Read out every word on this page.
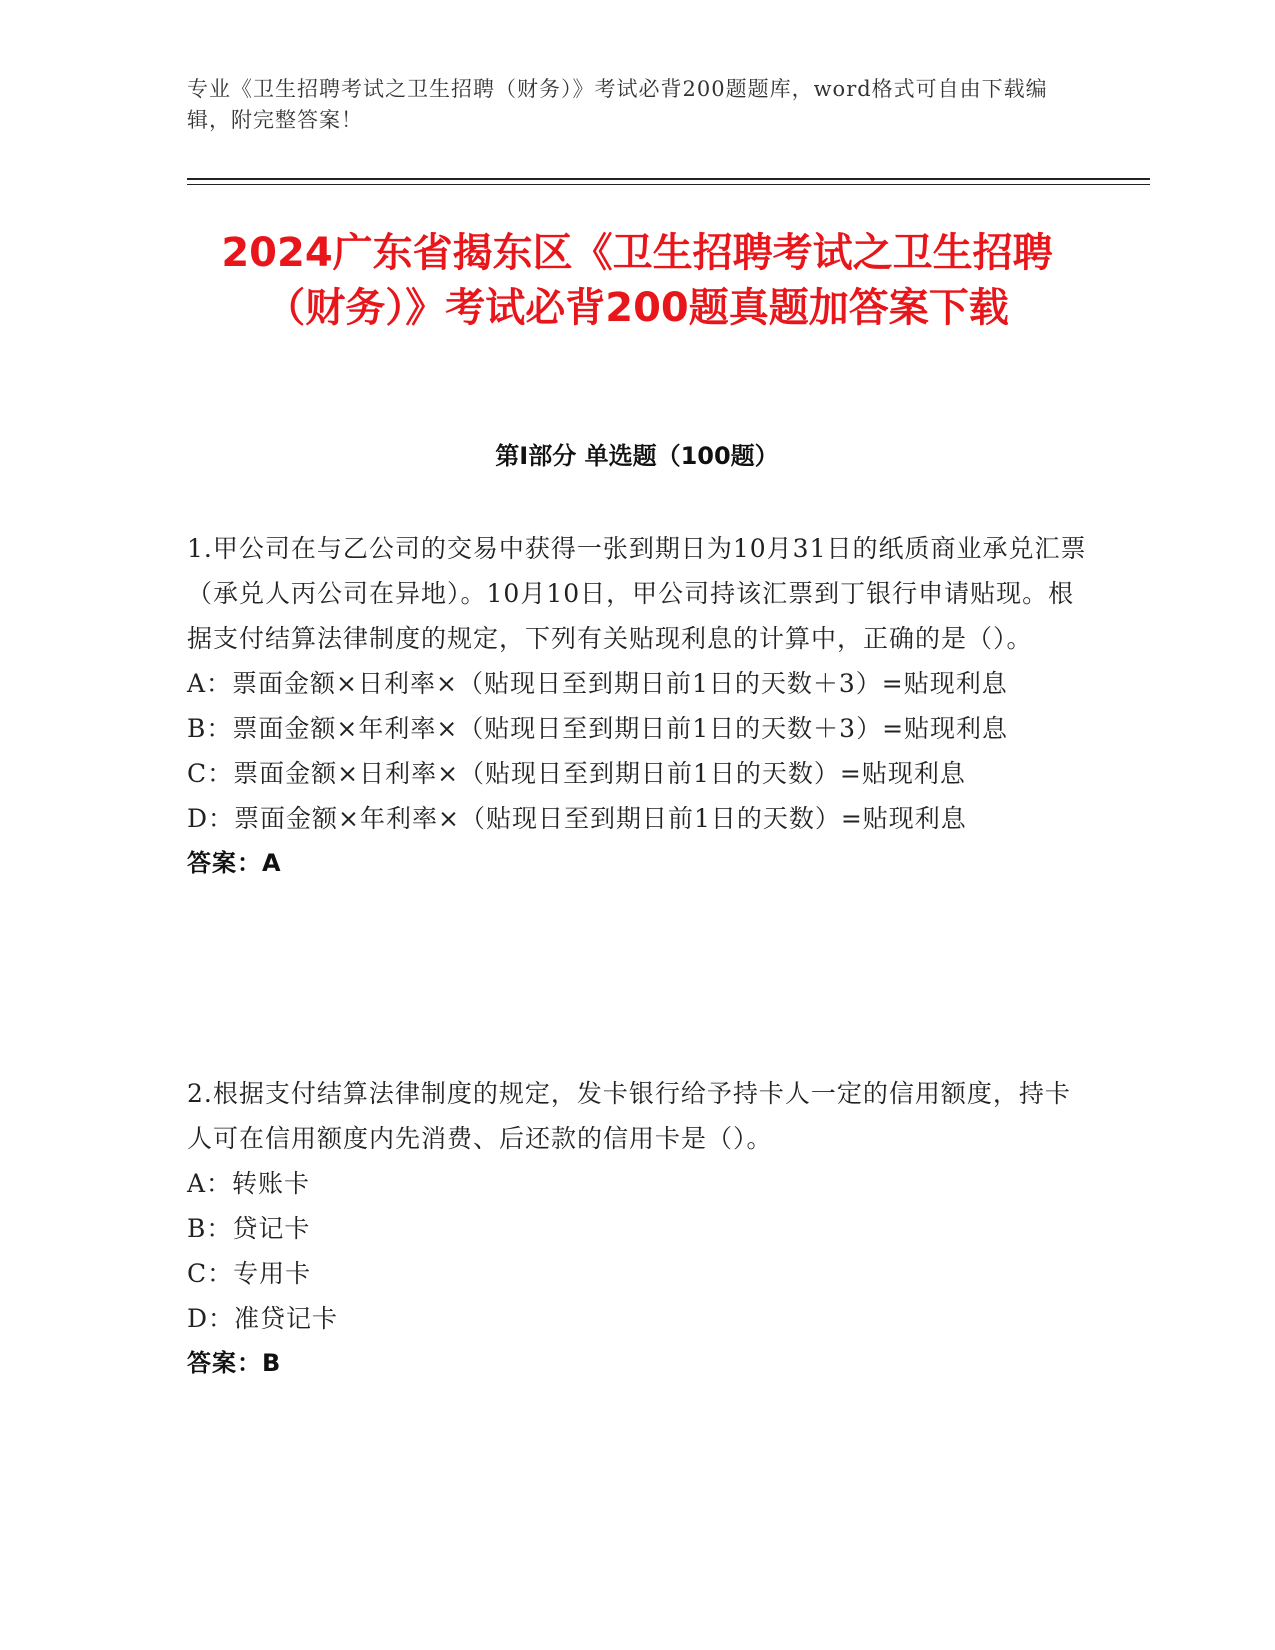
专业《卫生招聘考试之卫生招聘（财务）》考试必背200题题库，word格式可自由下载编辑，附完整答案！
2024广东省揭东区《卫生招聘考试之卫生招聘（财务）》考试必背200题真题加答案下载
第Ⅰ部分 单选题（100题）

1.甲公司在与乙公司的交易中获得一张到期日为10月31日的纸质商业承兑汇票（承兑人丙公司在异地）。10月10日，甲公司持该汇票到丁银行申请贴现。根据支付结算法律制度的规定，下列有关贴现利息的计算中，正确的是（）。

A：票面金额×日利率×（贴现日至到期日前1日的天数＋3）=贴现利息

B：票面金额×年利率×（贴现日至到期日前1日的天数＋3）=贴现利息

C：票面金额×日利率×（贴现日至到期日前1日的天数）=贴现利息

D：票面金额×年利率×（贴现日至到期日前1日的天数）=贴现利息

答案：A

2.根据支付结算法律制度的规定，发卡银行给予持卡人一定的信用额度，持卡人可在信用额度内先消费、后还款的信用卡是（）。

A：转账卡

B：贷记卡

C：专用卡

D：准贷记卡

答案：B
